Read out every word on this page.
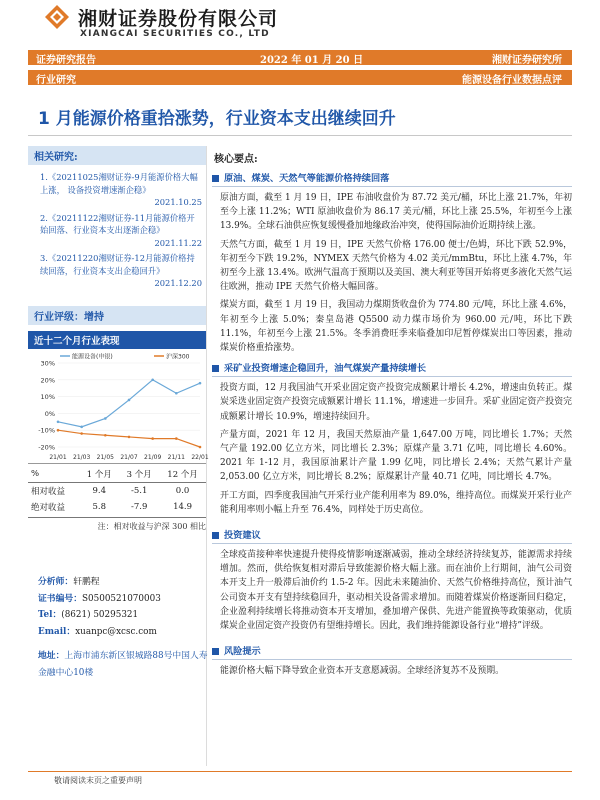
湘财证券股份有限公司
XIANGCAI SECURITIES CO., LTD
证券研究报告	2022 年 01 月 20 日	湘财证券研究所
行业研究	能源设备行业数据点评
1 月能源价格重拾涨势，行业资本支出继续回升
相关研究:
1.《20211025湘财证券-9月能源价格大幅上涨， 设备投资增速渐企稳》
2021.10.25
2.《20211122湘财证券-11月能源价格开始回落、行业资本支出逐渐企稳》
2021.11.22
3.《20211220湘财证券-12月能源价格持续回落，行业资本支出企稳回升》
2021.12.20
行业评级：增持
近十二个月行业表现
30%
20%
10%
0%
-10%
-20%
21/01 21/03 21/05 21/07 21/09 21/11 22/01
能源设备(申银)	沪深300
%	1 个月	3 个月	12 个月
相对收益	9.4	-5.1	0.0
绝对收益	5.8	-7.9	14.9
注：相对收益与沪深 300 相比
分析师：轩鹏程
证书编号：S0500521070003
Tel：(8621) 50295321
Email：xuanpc@xcsc.com
地址：上海市浦东新区银城路88号中国人寿金融中心10楼
核心要点:
原油、煤炭、天然气等能源价格持续回落

原油方面，截至 1 月 19 日，IPE 布油收盘价为 87.72 美元/桶，环比上涨 21.7%，年初至今上涨 11.2%；WTI 原油收盘价为 86.17 美元/桶，环比上涨 25.5%，年初至今上涨 13.9%。全球石油供应恢复缓慢叠加地缘政治冲突，使得国际油价近期持续上涨。

天然气方面，截至 1 月 19 日，IPE 天然气价格 176.00 便士/色姆，环比下跌 52.9%，年初至今下跌 19.2%，NYMEX 天然气价格为 4.02 美元/mmBtu，环比上涨 4.7%，年初至今上涨 13.4%。欧洲气温高于预期以及美国、澳大利亚等国开始将更多液化天然气运往欧洲，推动 IPE 天然气价格大幅回落。

煤炭方面，截至 1 月 19 日，我国动力煤期货收盘价为 774.80 元/吨，环比上涨 4.6%，年初至今上涨 5.0%；秦皇岛港 Q5500 动力煤市场价为 960.00 元/吨，环比下跌 11.1%，年初至今上涨 21.5%。冬季消费旺季来临叠加印尼暂停煤炭出口等因素，推动煤炭价格重拾涨势。

采矿业投资增速企稳回升，油气煤炭产量持续增长

投资方面，12 月我国油气开采业固定资产投资完成额累计增长 4.2%，增速由负转正。煤炭采选业固定资产投资完成额累计增长 11.1%，增速进一步回升。采矿业固定资产投资完成额累计增长 10.9%，增速持续回升。

产量方面，2021 年 12 月，我国天然原油产量 1,647.00 万吨，同比增长 1.7%；天然气产量 192.00 亿立方米，同比增长 2.3%；原煤产量 3.71 亿吨，同比增长 4.60%。2021 年 1-12 月，我国原油累计产量 1.99 亿吨，同比增长 2.4%；天然气累计产量 2,053.00 亿立方米，同比增长 8.2%；原煤累计产量 40.71 亿吨，同比增长 4.7%。

开工方面，四季度我国油气开采行业产能利用率为 89.0%，维持高位。而煤炭开采行业产能利用率则小幅上升至 76.4%，同样处于历史高位。

投资建议

全球疫苗接种率快速提升使得疫情影响逐渐减弱，推动全球经济持续复苏，能源需求持续增加。然而，供给恢复相对滞后导致能源价格大幅上涨。而在油价上行期间，油气公司资本开支上升一般滞后油价约 1.5-2 年。因此未来随油价、天然气价格维持高位，预计油气公司资本开支有望持续稳回升，驱动相关设备需求增加。而随着煤炭价格逐渐回归稳定，企业盈利持续增长将推动资本开支增加，叠加增产保供、先进产能置换等政策驱动，优质煤炭企业固定资产投资仍有望维持增长。因此，我们维持能源设备行业“增持”评级。

风险提示

能源价格大幅下降导致企业资本开支意愿减弱。全球经济复苏不及预期。

敬请阅读末页之重要声明
